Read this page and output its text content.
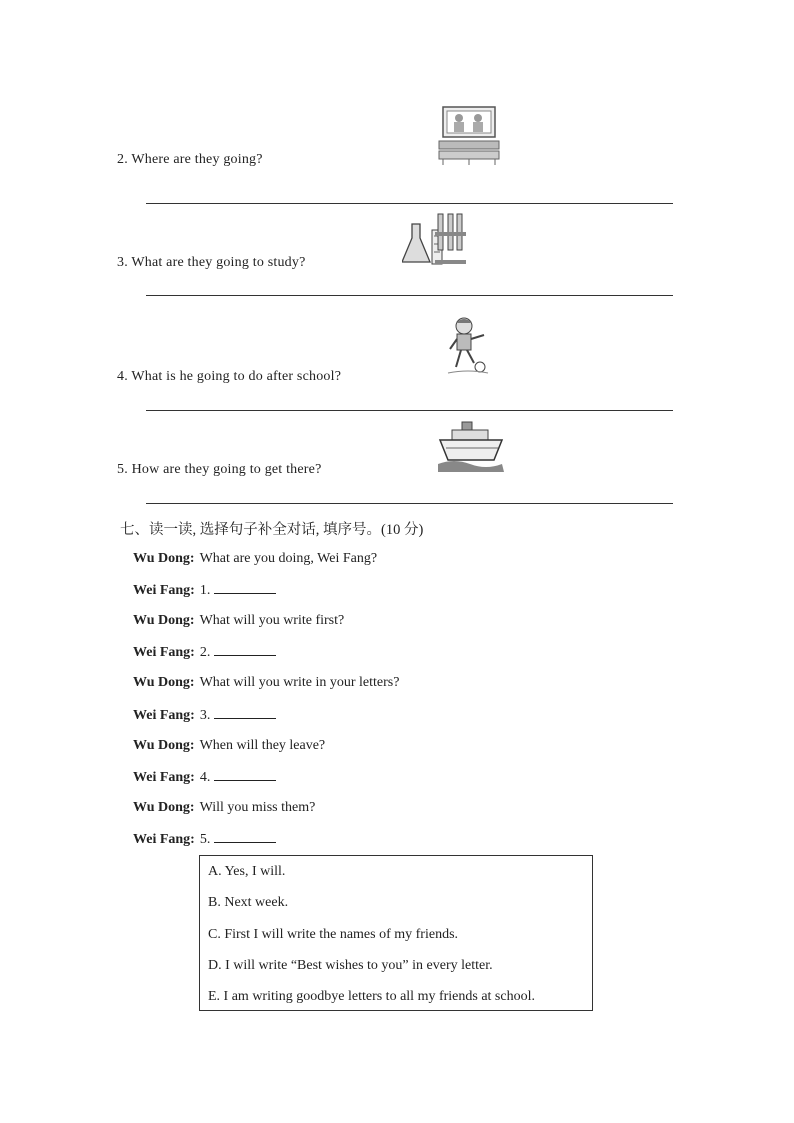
2. Where are they going?
3. What are they going to study?
4. What is he going to do after school?
5. How are they going to get there?
七、读一读, 选择句子补全对话, 填序号。(10 分)
Wu Dong: What are you doing, Wei Fang?
Wei Fang: 1.
Wu Dong: What will you write first?
Wei Fang: 2.
Wu Dong: What will you write in your letters?
Wei Fang: 3.
Wu Dong: When will they leave?
Wei Fang: 4.
Wu Dong: Will you miss them?
Wei Fang: 5.
A. Yes, I will.
B. Next week.
C. First I will write the names of my friends.
D. I will write “Best wishes to you” in every letter.
E. I am writing goodbye letters to all my friends at school.
